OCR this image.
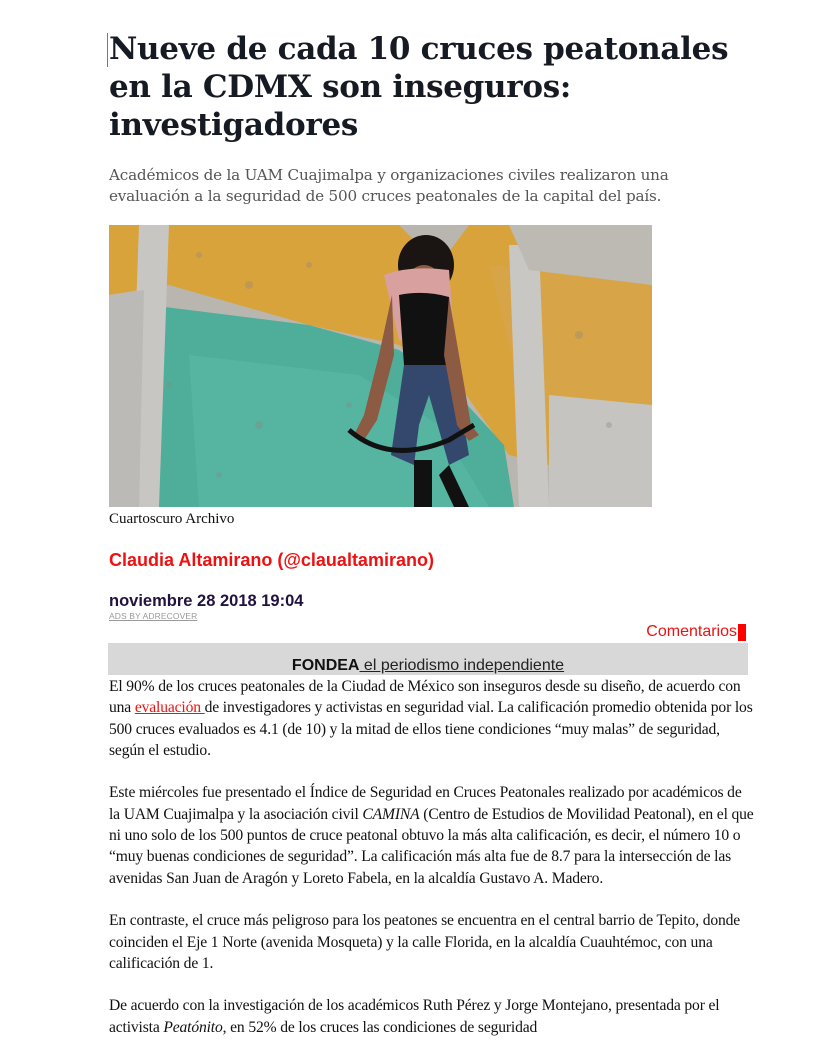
Nueve de cada 10 cruces peatonales en la CDMX son inseguros: investigadores

Académicos de la UAM Cuajimalpa y organizaciones civiles realizaron una evaluación a la seguridad de 500 cruces peatonales de la capital del país.

Cuartoscuro Archivo

Claudia Altamirano (@claualtamirano)

noviembre 28 2018 19:04

ADS BY ADRECOVER
Comentarios
FONDEA el periodismo independiente

El 90% de los cruces peatonales de la Ciudad de México son inseguros desde su diseño, de acuerdo con una evaluación de investigadores y activistas en seguridad vial. La calificación promedio obtenida por los 500 cruces evaluados es 4.1 (de 10) y la mitad de ellos tiene condiciones “muy malas” de seguridad, según el estudio.

Este miércoles fue presentado el Índice de Seguridad en Cruces Peatonales realizado por académicos de la UAM Cuajimalpa y la asociación civil CAMINA (Centro de Estudios de Movilidad Peatonal), en el que ni uno solo de los 500 puntos de cruce peatonal obtuvo la más alta calificación, es decir, el número 10 o “muy buenas condiciones de seguridad”. La calificación más alta fue de 8.7 para la intersección de las avenidas San Juan de Aragón y Loreto Fabela, en la alcaldía Gustavo A. Madero.

En contraste, el cruce más peligroso para los peatones se encuentra en el central barrio de Tepito, donde coinciden el Eje 1 Norte (avenida Mosqueta) y la calle Florida, en la alcaldía Cuauhtémoc, con una calificación de 1.

De acuerdo con la investigación de los académicos Ruth Pérez y Jorge Montejano, presentada por el activista Peatónito, en 52% de los cruces las condiciones de seguridad
